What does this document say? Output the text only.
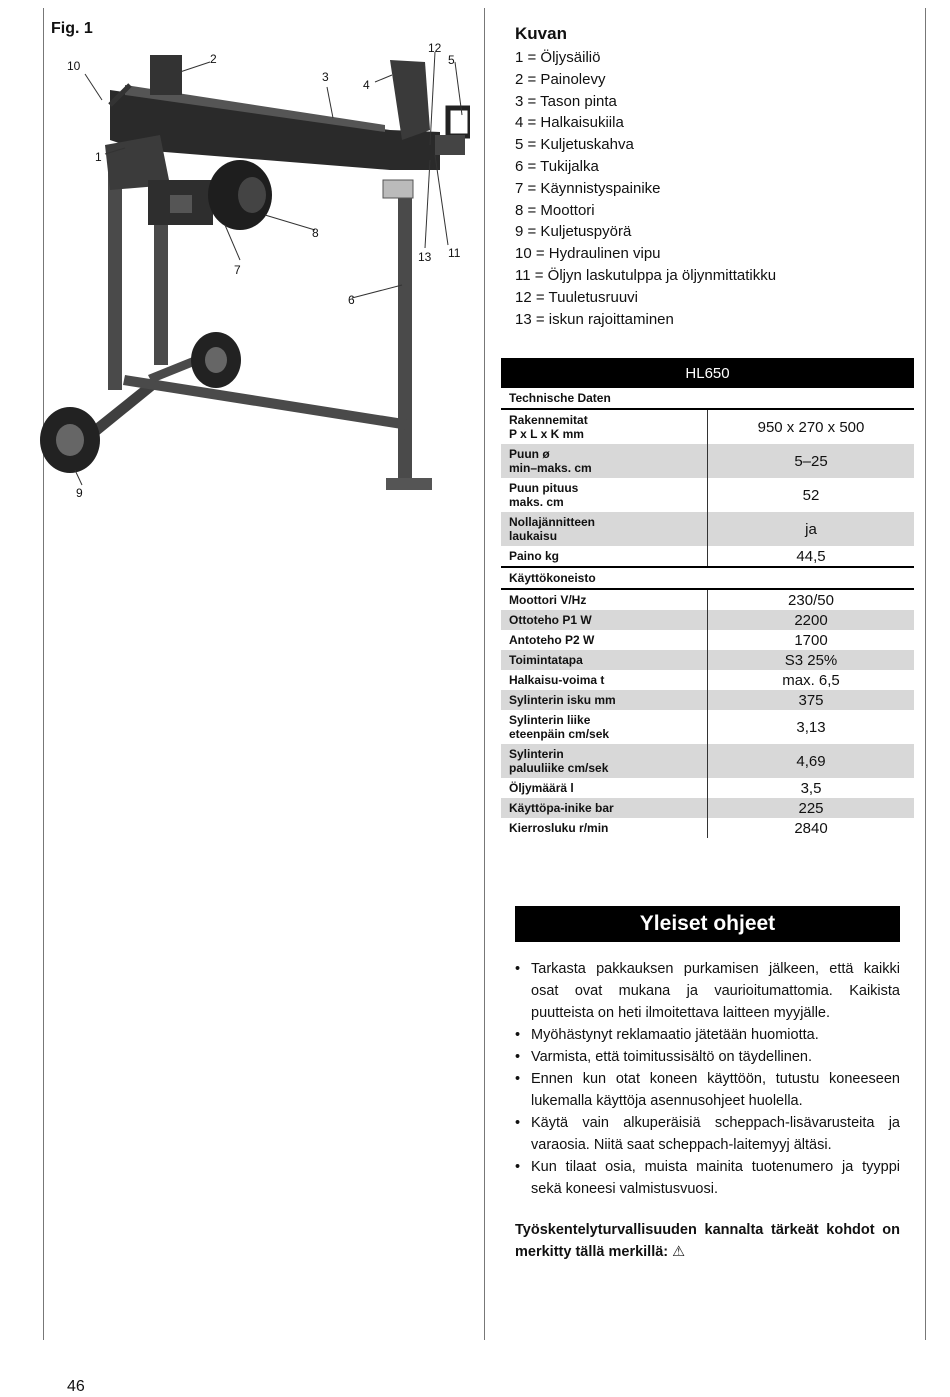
Fig. 1
10	2
3
4
12
5
1
8
7
13 11
6
9
Kuvan
1 = Öljysäiliö
2 = Painolevy
3 = Tason pinta
4 = Halkaisukiila
5 = Kuljetuskahva
6 = Tukijalka
7 = Käynnistyspainike
8 = Moottori
9 = Kuljetuspyörä
10 = Hydraulinen vipu
11 = Öljyn laskutulppa ja öljynmittatikku
12 = Tuuletusruuvi
13 = iskun rajoittaminen
HL650	
Technische Daten	
Rakennemitat
P x L x K mm	950 x 270 x 500
Puun ø
min–maks. cm	5–25
Puun pituus
maks. cm	52
Nollajännitteen
laukaisu	ja
Paino kg	44,5
Käyttökoneisto	
Moottori V/Hz	230/50
Ottoteho P1 W	2200
Antoteho P2 W	1700
Toimintatapa	S3 25%
Halkaisu-voima t	max. 6,5
Sylinterin isku mm	375
Sylinterin liike
eteenpäin cm/sek	3,13
Sylinterin
paluuliike cm/sek	4,69
Öljymäärä l	3,5
Käyttöpa-inike bar	225
Kierrosluku r/min	2840
Yleiset ohjeet
• Tarkasta pakkauksen purkamisen jälkeen, että kaikki osat ovat mukana ja vaurioitumattomia. Kaikista puutteista on heti ilmoitettava laitteen myyjälle.
• Myöhästynyt reklamaatio jätetään huomiotta.
• Varmista, että toimitussisältö on täydellinen.
• Ennen kun otat koneen käyttöön, tutustu koneeseen lukemalla käyttöja asennusohjeet huolella.
• Käytä vain alkuperäisiä scheppach-lisävarusteita ja varaosia. Niitä saat scheppach-laitemyyj ältäsi.
• Kun tilaat osia, muista mainita tuotenumero ja tyyppi sekä koneesi valmistusvuosi.
Työskentelyturvallisuuden kannalta tärkeät kohdot on merkitty tällä merkillä: ⚠
46
